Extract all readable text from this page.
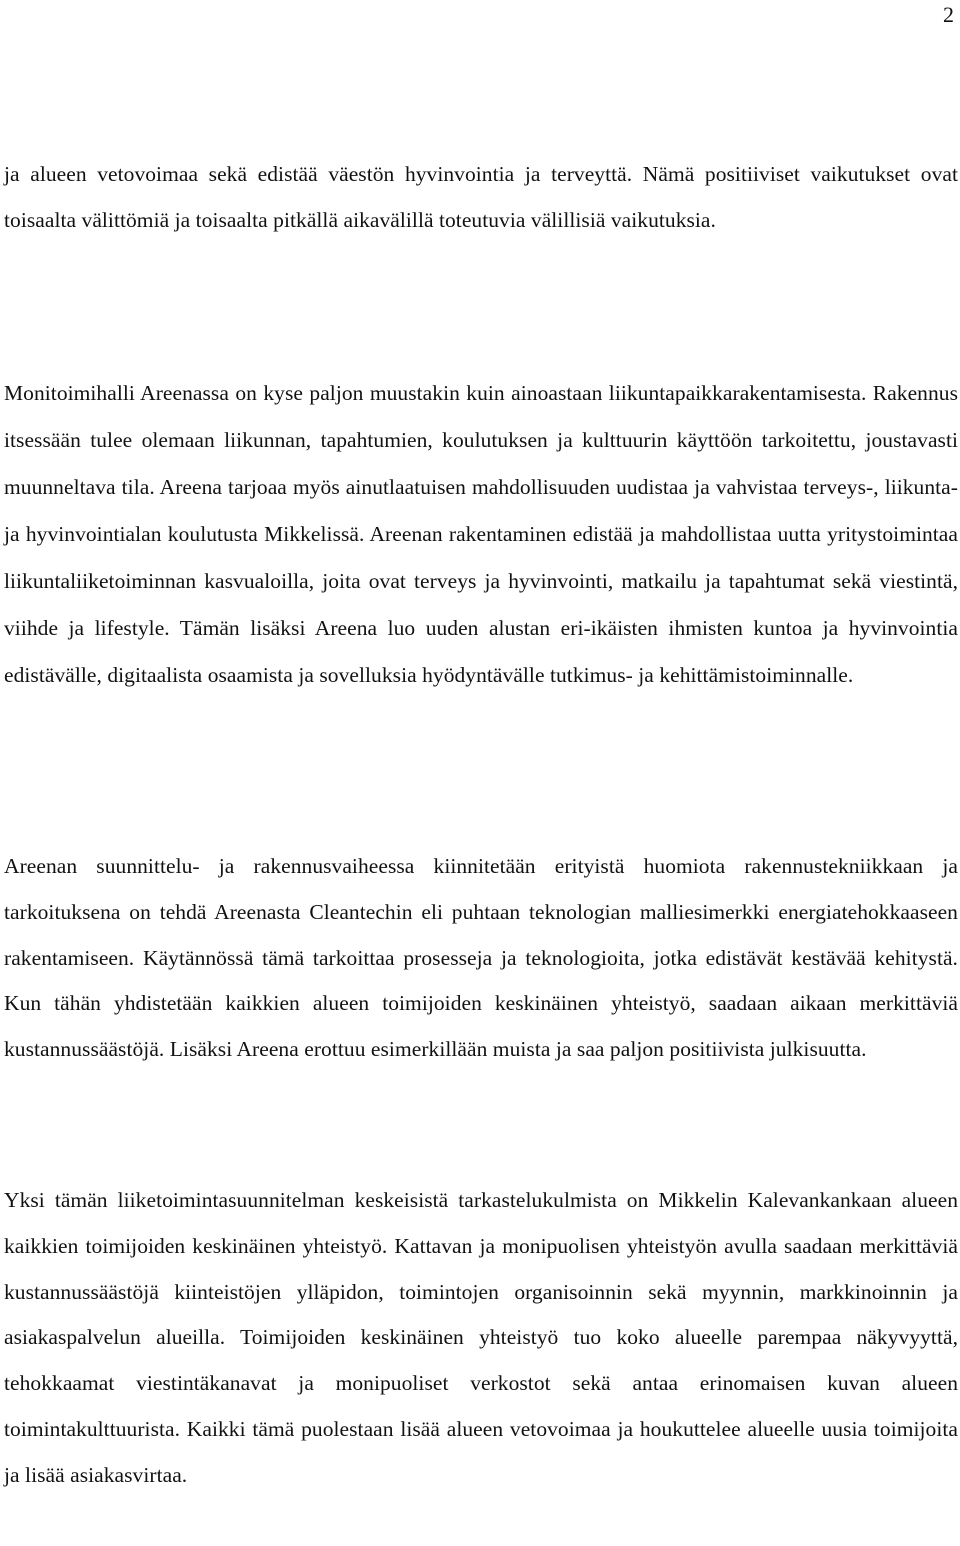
2

ja alueen vetovoimaa sekä edistää väestön hyvinvointia ja terveyttä. Nämä positiiviset vaikutukset ovat toisaalta välittömiä ja toisaalta pitkällä aikavälillä toteutuvia välillisiä vaikutuksia.

Monitoimihalli Areenassa on kyse paljon muustakin kuin ainoastaan liikuntapaikkarakentamisesta. Rakennus itsessään tulee olemaan liikunnan, tapahtumien, koulutuksen ja kulttuurin käyttöön tarkoitettu, joustavasti muunneltava tila. Areena tarjoaa myös ainutlaatuisen mahdollisuuden uudistaa ja vahvistaa terveys-, liikunta- ja hyvinvointialan koulutusta Mikkelissä. Areenan rakentaminen edistää ja mahdollistaa uutta yritystoimintaa liikuntaliiketoiminnan kasvualoilla, joita ovat terveys ja hyvinvointi, matkailu ja tapahtumat sekä viestintä, viihde ja lifestyle. Tämän lisäksi Areena luo uuden alustan eri-ikäisten ihmisten kuntoa ja hyvinvointia edistävälle, digitaalista osaamista ja sovelluksia hyödyntävälle tutkimus- ja kehittämistoiminnalle.

Areenan suunnittelu- ja rakennusvaiheessa kiinnitetään erityistä huomiota rakennustekniikkaan ja tarkoituksena on tehdä Areenasta Cleantechin eli puhtaan teknologian malliesimerkki energiatehokkaaseen rakentamiseen. Käytännössä tämä tarkoittaa prosesseja ja teknologioita, jotka edistävät kestävää kehitystä. Kun tähän yhdistetään kaikkien alueen toimijoiden keskinäinen yhteistyö, saadaan aikaan merkittäviä kustannussäästöjä. Lisäksi Areena erottuu esimerkillään muista ja saa paljon positiivista julkisuutta.

Yksi tämän liiketoimintasuunnitelman keskeisistä tarkastelukulmista on Mikkelin Kalevankankaan alueen kaikkien toimijoiden keskinäinen yhteistyö. Kattavan ja monipuolisen yhteistyön avulla saadaan merkittäviä kustannussäästöjä kiinteistöjen ylläpidon, toimintojen organisoinnin sekä myynnin, markkinoinnin ja asiakaspalvelun alueilla. Toimijoiden keskinäinen yhteistyö tuo koko alueelle parempaa näkyvyyttä, tehokkaamat viestintäkanavat ja monipuoliset verkostot sekä antaa erinomaisen kuvan alueen toimintakulttuurista. Kaikki tämä puolestaan lisää alueen vetovoimaa ja houkuttelee alueelle uusia toimijoita ja lisää asiakasvirtaa.
